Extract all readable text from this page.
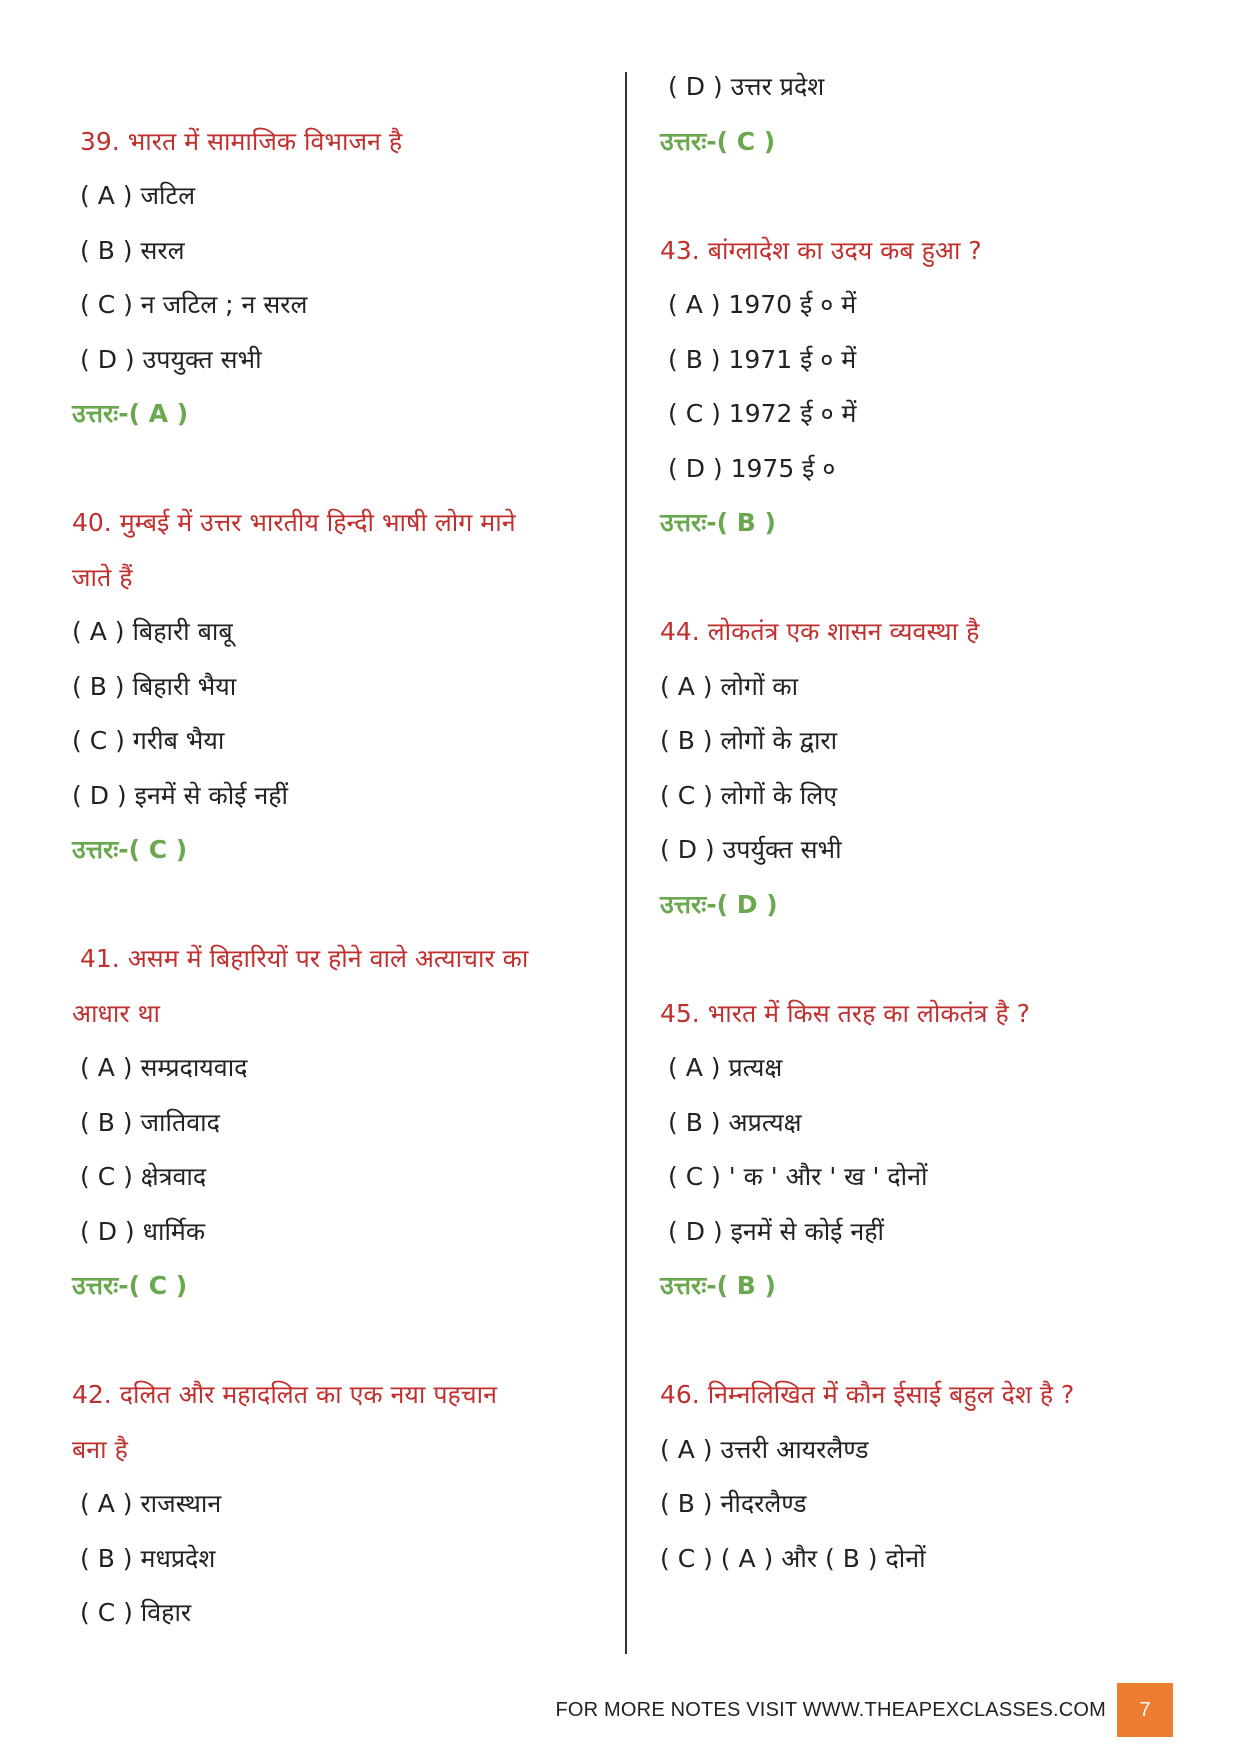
39. भारत में सामाजिक विभाजन है
( A ) जटिल
( B ) सरल
( C ) न जटिल ; न सरल
( D ) उपयुक्त सभी
उत्तरः-( A )
40. मुम्बई में उत्तर भारतीय हिन्दी भाषी लोग माने
जाते हैं
( A ) बिहारी बाबू
( B ) बिहारी भैया
( C ) गरीब भैया
( D ) इनमें से कोई नहीं
उत्तरः-( C )
41. असम में बिहारियों पर होने वाले अत्याचार का
आधार था
( A ) सम्प्रदायवाद
( B ) जातिवाद
( C ) क्षेत्रवाद
( D ) धार्मिक
उत्तरः-( C )
42. दलित और महादलित का एक नया पहचान
बना है
( A ) राजस्थान
( B ) मधप्रदेश
( C ) विहार
( D ) उत्तर प्रदेश
उत्तरः-( C )
43. बांग्लादेश का उदय कब हुआ ?
( A ) 1970 ई ० में
( B ) 1971 ई ० में
( C ) 1972 ई ० में
( D ) 1975 ई ०
उत्तरः-( B )
44. लोकतंत्र एक शासन व्यवस्था है
( A ) लोगों का
( B ) लोगों के द्वारा
( C ) लोगों के लिए
( D ) उपर्युक्त सभी
उत्तरः-( D )
45. भारत में किस तरह का लोकतंत्र है ?
( A ) प्रत्यक्ष
( B ) अप्रत्यक्ष
( C ) ' क ' और ' ख ' दोनों
( D ) इनमें से कोई नहीं
उत्तरः-( B )
46. निम्नलिखित में कौन ईसाई बहुल देश है ?
( A ) उत्तरी आयरलैण्ड
( B ) नीदरलैण्ड
( C ) ( A ) और ( B ) दोनों
FOR MORE NOTES VISIT WWW.THEAPEXCLASSES.COM	7
